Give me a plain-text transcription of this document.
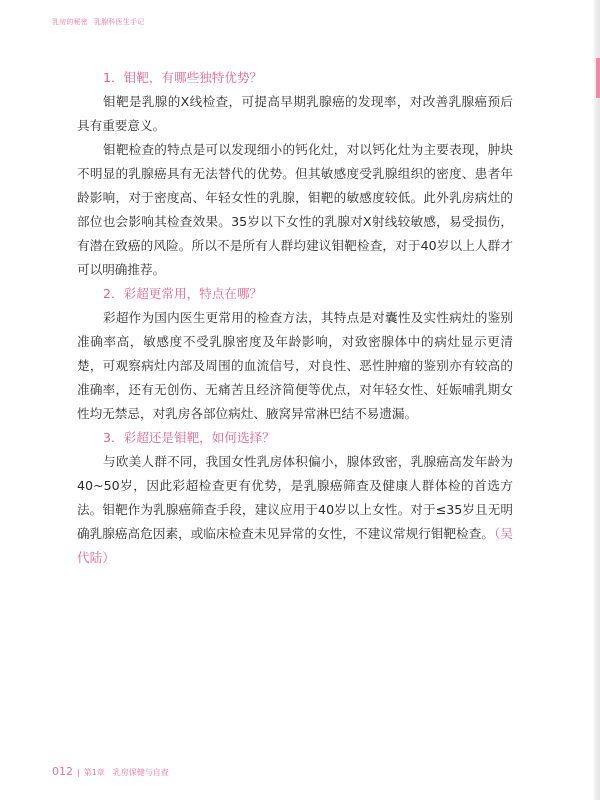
乳房的秘密 乳腺科医生手记

1．钼靶，有哪些独特优势？

钼靶是乳腺的X线检查，可提高早期乳腺癌的发现率，对改善乳腺癌预后具有重要意义。

钼靶检查的特点是可以发现细小的钙化灶，对以钙化灶为主要表现，肿块不明显的乳腺癌具有无法替代的优势。但其敏感度受乳腺组织的密度、患者年龄影响，对于密度高、年轻女性的乳腺，钼靶的敏感度较低。此外乳房病灶的部位也会影响其检查效果。35岁以下女性的乳腺对X射线较敏感，易受损伤，有潜在致癌的风险。所以不是所有人群均建议钼靶检查，对于40岁以上人群才可以明确推荐。

2．彩超更常用，特点在哪？

彩超作为国内医生更常用的检查方法，其特点是对囊性及实性病灶的鉴别准确率高，敏感度不受乳腺密度及年龄影响，对致密腺体中的病灶显示更清楚，可观察病灶内部及周围的血流信号，对良性、恶性肿瘤的鉴别亦有较高的准确率，还有无创伤、无痛苦且经济简便等优点，对年轻女性、妊娠哺乳期女性均无禁忌，对乳房各部位病灶、腋窝异常淋巴结不易遗漏。

3．彩超还是钼靶，如何选择？

与欧美人群不同，我国女性乳房体积偏小，腺体致密，乳腺癌高发年龄为40~50岁，因此彩超检查更有优势，是乳腺癌筛查及健康人群体检的首选方法。钼靶作为乳腺癌筛查手段，建议应用于40岁以上女性。对于≤35岁且无明确乳腺癌高危因素，或临床检查未见异常的女性，不建议常规行钼靶检查。（吴代陆）

012 | 第1章　乳房保健与自查
